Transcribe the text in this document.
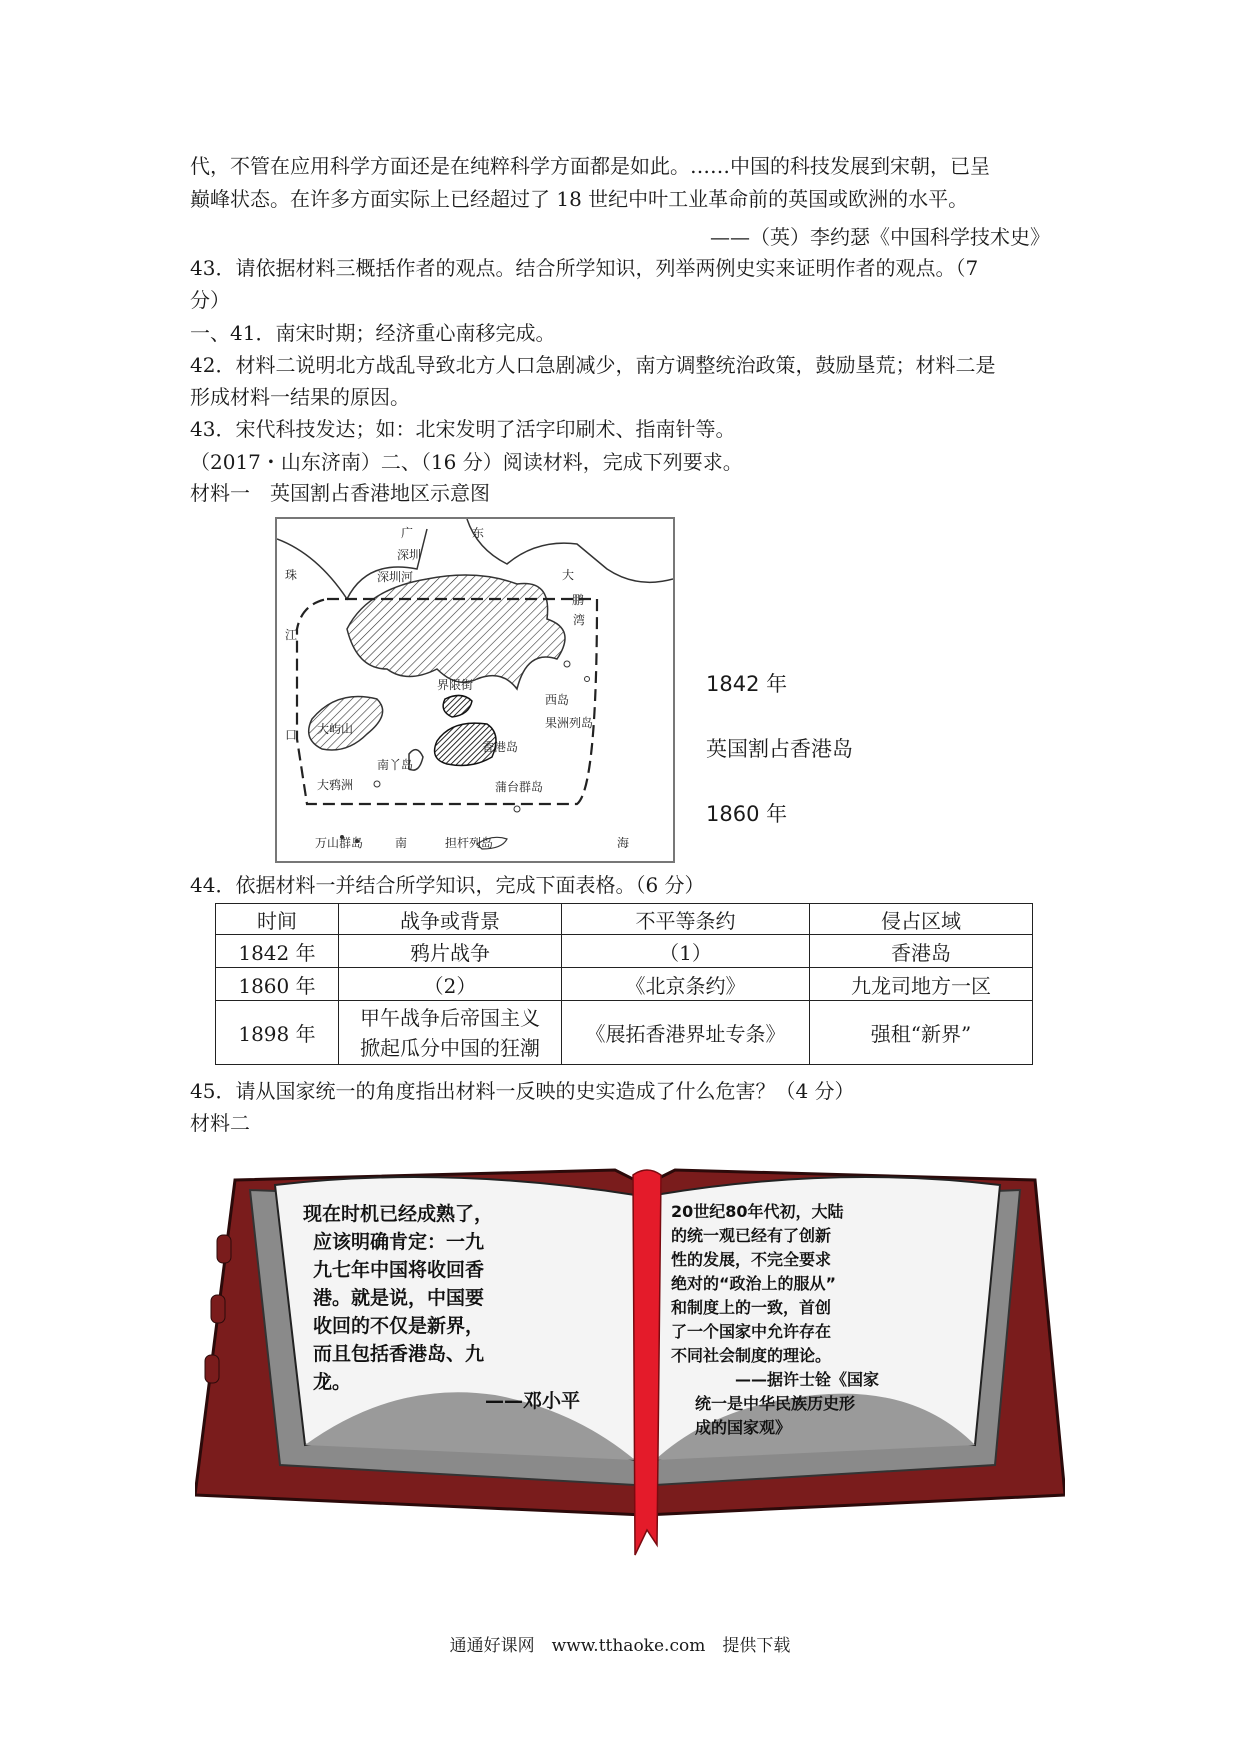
代，不管在应用科学方面还是在纯粹科学方面都是如此。……中国的科技发展到宋朝，已呈
巅峰状态。在许多方面实际上已经超过了 18 世纪中叶工业革命前的英国或欧洲的水平。
——（英）李约瑟《中国科学技术史》
43．请依据材料三概括作者的观点。结合所学知识，列举两例史实来证明作者的观点。（7
分）
一、41．南宋时期；经济重心南移完成。
42．材料二说明北方战乱导致北方人口急剧减少，南方调整统治政策，鼓励垦荒；材料二是
形成材料一结果的原因。
43．宋代科技发达；如：北宋发明了活字印刷术、指南针等。
（2017・山东济南）二、（16 分）阅读材料，完成下列要求。
材料一　英国割占香港地区示意图
广	东
深圳
深圳河
珠
江
口
大
鹏
湾
界限街
西岛
果洲列岛
香港岛
大屿山
南丫岛
大鸦洲	蒲台群岛
万山群岛	南	担杆列岛	海
1842 年
英国割占香港岛
1860 年
44．依据材料一并结合所学知识，完成下面表格。（6 分）
时间	战争或背景	不平等条约	侵占区域
1842 年	鸦片战争	（1）	香港岛
1860 年	（2）	《北京条约》	九龙司地方一区
1898 年	甲午战争后帝国主义
掀起瓜分中国的狂潮	《展拓香港界址专条》	强租“新界”
45．请从国家统一的角度指出材料一反映的史实造成了什么危害？（4 分）
材料二
现在时机已经成熟了，
应该明确肯定：一九
九七年中国将收回香
港。就是说，中国要
收回的不仅是新界，
而且包括香港岛、九
龙。
——邓小平
20世纪80年代初，大陆
的统一观已经有了创新
性的发展，不完全要求
绝对的“政治上的服从”
和制度上的一致，首创
了一个国家中允许存在
不同社会制度的理论。
——据许士铨《国家
统一是中华民族历史形
成的国家观》
通通好课网　www.tthaoke.com　提供下载
